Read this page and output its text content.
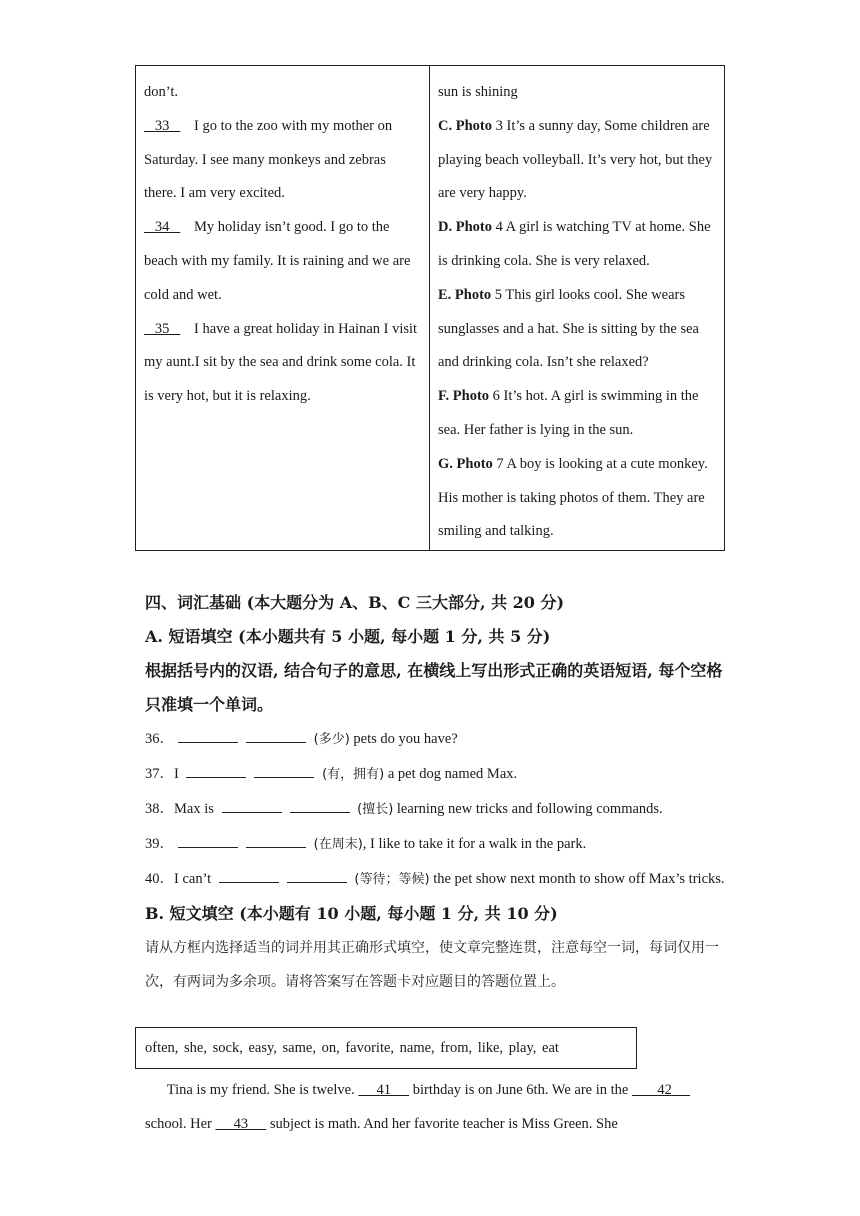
don’t.
33 I go to the zoo with my mother on Saturday. I see many monkeys and zebras there. I am very excited.
34 My holiday isn’t good. I go to the beach with my family. It is raining and we are cold and wet.
35 I have a great holiday in Hainan I visit my aunt.I sit by the sea and drink some cola. It is very hot, but it is relaxing.
sun is shining
C. Photo 3 It’s a sunny day, Some children are playing beach volleyball. It’s very hot, but they are very happy.
D. Photo 4 A girl is watching TV at home. She is drinking cola. She is very relaxed.
E. Photo 5 This girl looks cool. She wears sunglasses and a hat. She is sitting by the sea and drinking cola. Isn’t she relaxed?
F. Photo 6 It’s hot. A girl is swimming in the sea. Her father is lying in the sun.
G. Photo 7 A boy is looking at a cute monkey. His mother is taking photos of them. They are smiling and talking.
四、词汇基础 (本大题分为 A、B、C 三大部分, 共 20 分)
A. 短语填空 (本小题共有 5 小题, 每小题 1 分, 共 5 分)
根据括号内的汉语, 结合句子的意思, 在横线上写出形式正确的英语短语, 每个空格只准填一个单词。
36．	(多少) pets do you have?
37．I	(有，拥有) a pet dog named Max.
38．Max is	(擅长) learning new tricks and following commands.
39．	(在周末), I like to take it for a walk in the park.
40．I can’t	(等待；等候) the pet show next month to show off Max’s tricks.
B. 短文填空 (本小题有 10 小题, 每小题 1 分, 共 10 分)
请从方框内选择适当的词并用其正确形式填空，使文章完整连贯，注意每空一词，每词仅用一次，有两词为多余项。请将答案写在答题卡对应题目的答题位置上。
often, she, sock, easy, same, on, favorite, name, from, like, play, eat
Tina is my friend. She is twelve. 41 birthday is on June 6th. We are in the 42      school. Her 43 subject is math. And her favorite teacher is Miss Green. She
